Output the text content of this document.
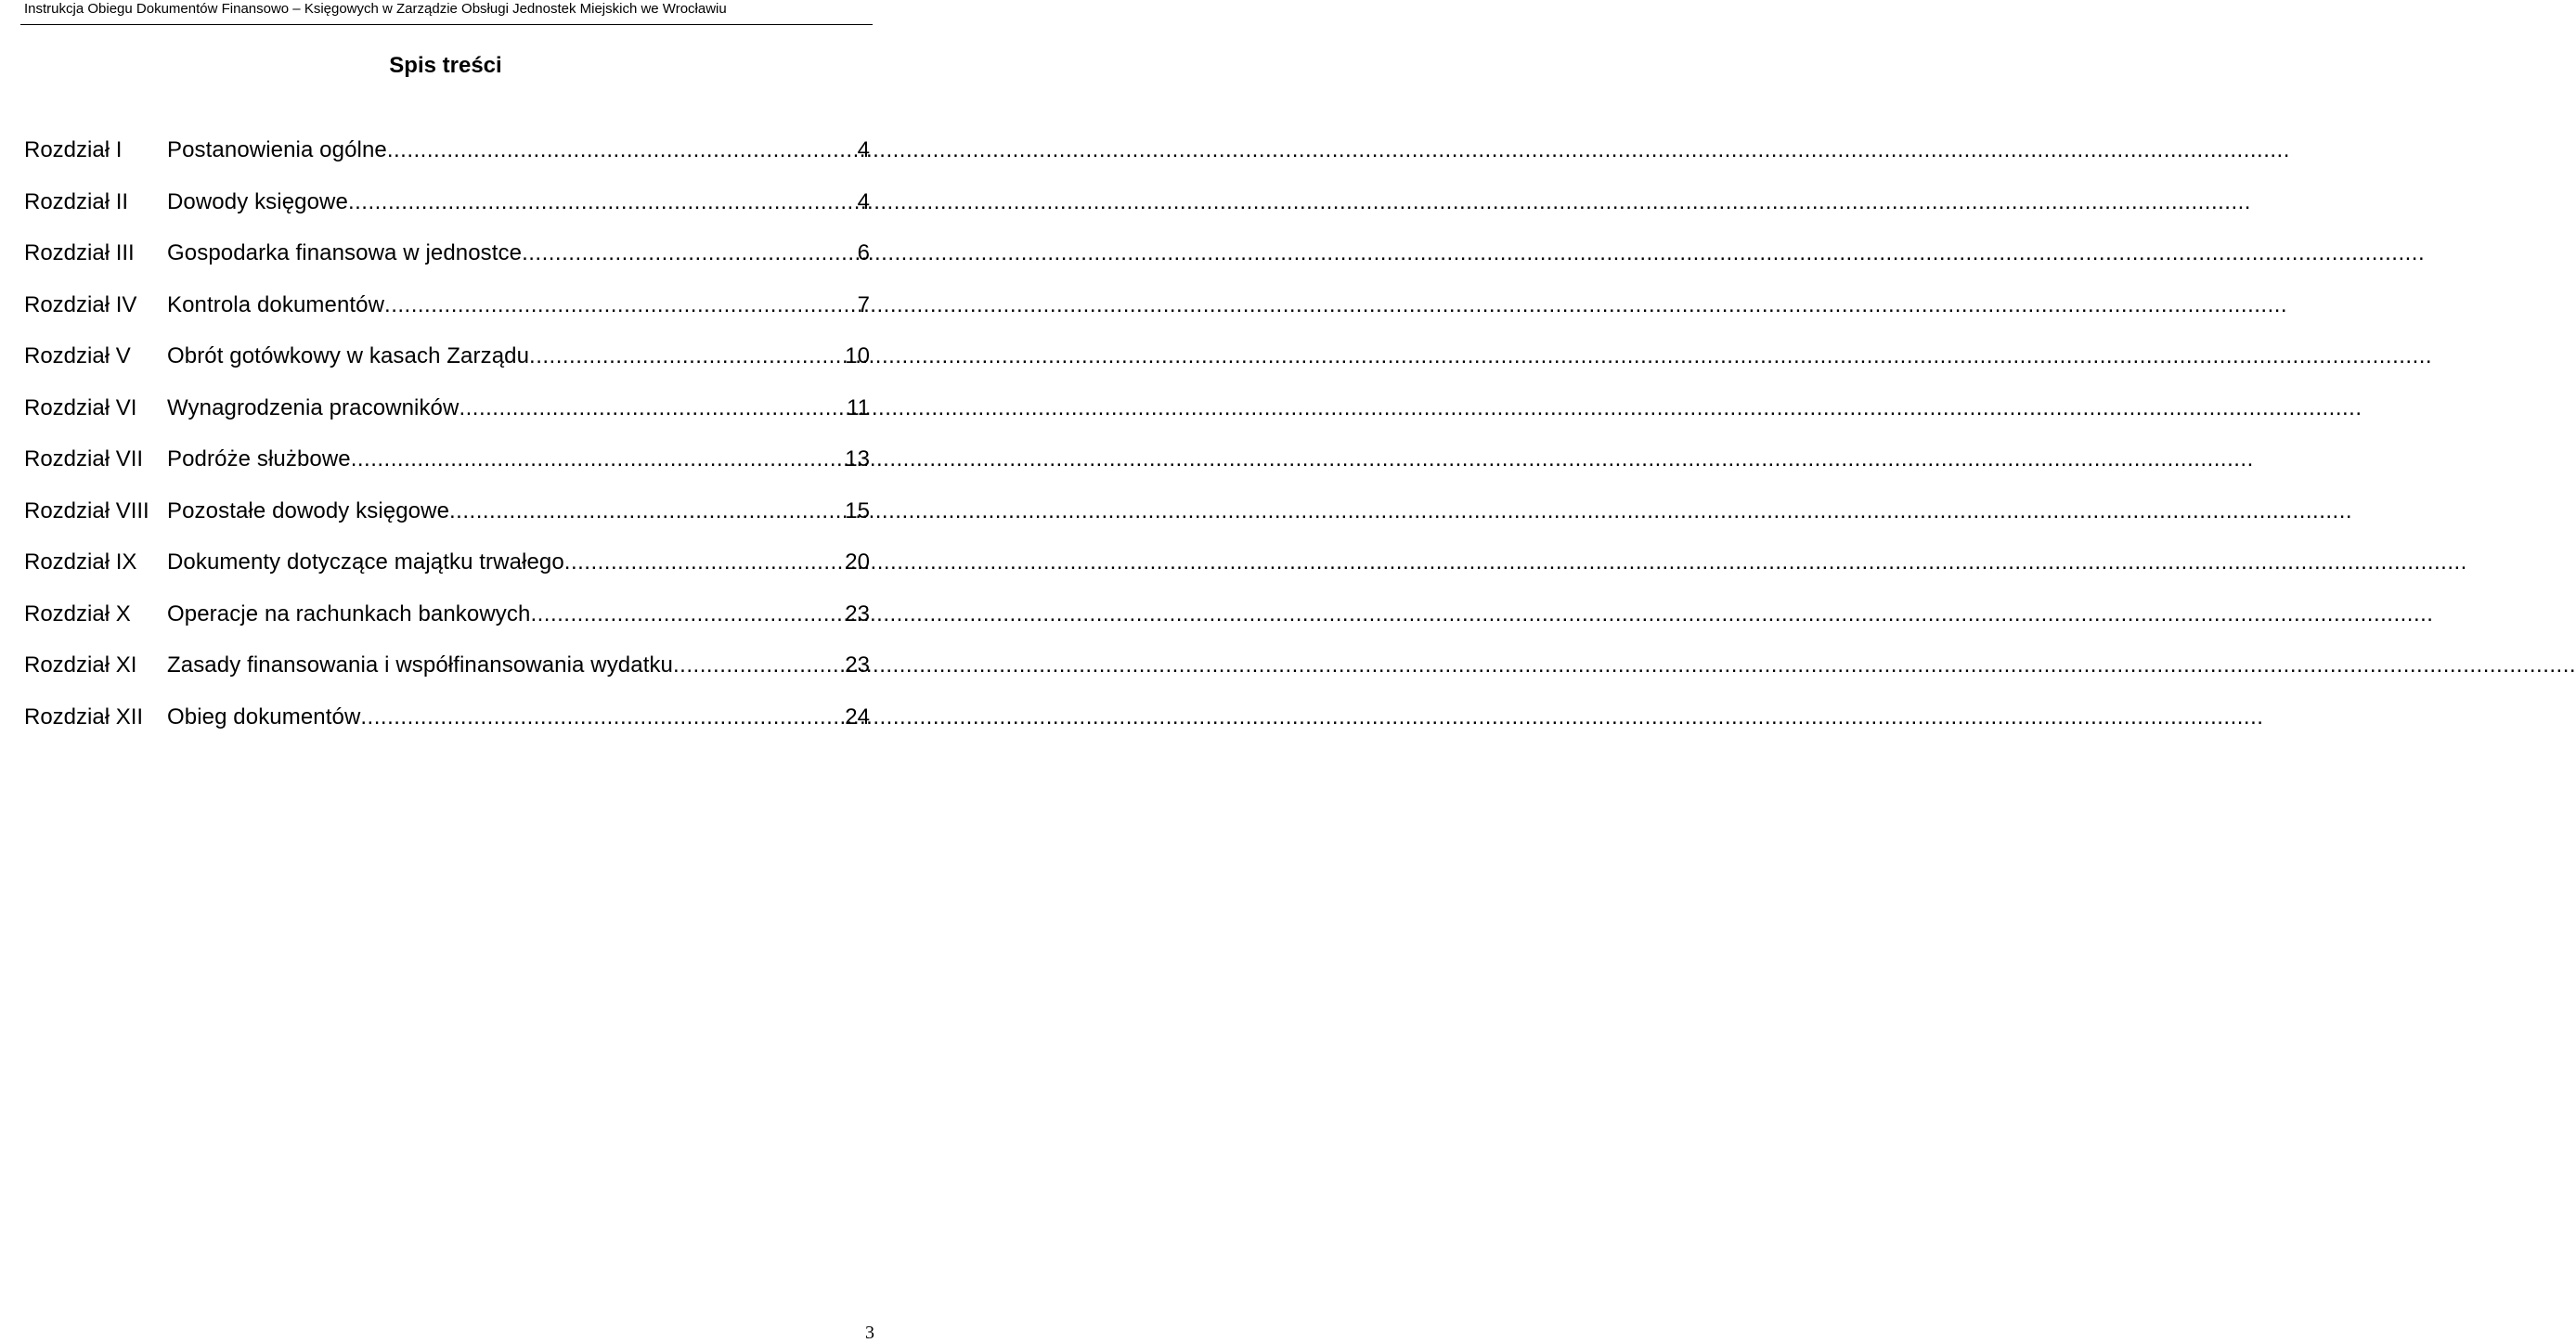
Instrukcja Obiegu Dokumentów Finansowo – Księgowych w Zarządzie Obsługi Jednostek Miejskich we Wrocławiu
Spis treści
Rozdział I	Postanowienia ogólne .....	4
Rozdział II	Dowody księgowe .....	4
Rozdział III	Gospodarka finansowa w jednostce .....	6
Rozdział IV	Kontrola dokumentów .....	7
Rozdział V	Obrót gotówkowy w kasach Zarządu .....	10
Rozdział VI	Wynagrodzenia pracowników .....	11
Rozdział VII	Podróże służbowe .....	13
Rozdział VIII Pozostałe dowody księgowe .....	15
Rozdział IX	Dokumenty dotyczące majątku trwałego .....	20
Rozdział X	Operacje na rachunkach bankowych .....	23
Rozdział XI	Zasady finansowania i współfinansowania wydatku .....	23
Rozdział XII	Obieg dokumentów .....	24
3
